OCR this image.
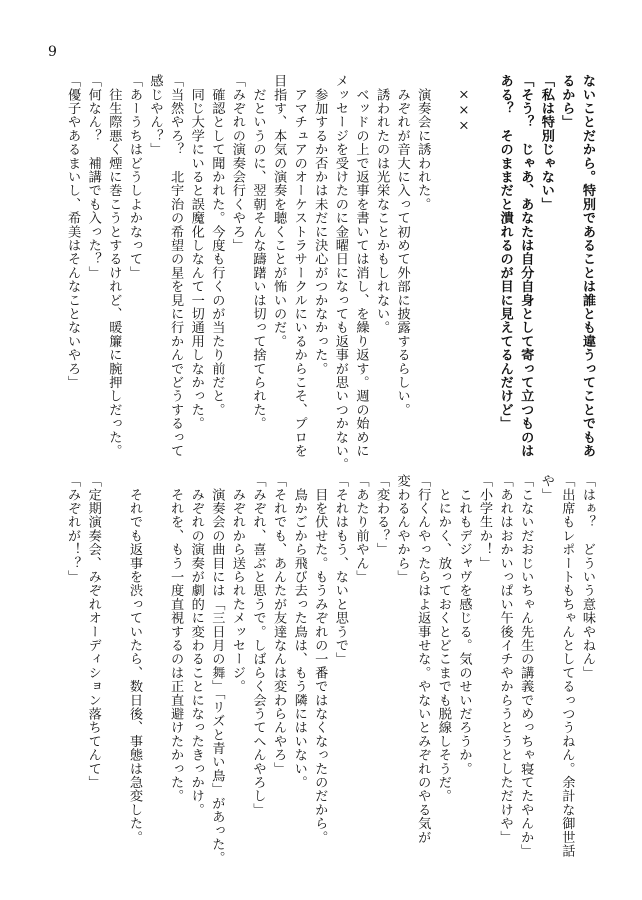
9
ないことだから。特別であることは誰とも違うってことでもあ
るから」
「私は特別じゃない」
「そう？　じゃあ、あなたは自分自身として寄って立つものは
ある？　そのままだと潰れるのが目に見えてるんだけど」

　×××

　演奏会に誘われた。
　みぞれが音大に入って初めて外部に披露するらしい。
　誘われたのは光栄なことかもしれない。
　ベッドの上で返事を書いては消し、を繰り返す。週の始めに
メッセージを受けたのに金曜日になっても返事が思いつかない。
　参加するか否かは未だに決心がつかなかった。
　アマチュアのオーケストラサークルにいるからこそ、プロを
目指す、本気の演奏を聴くことが怖いのだ。
　だというのに、翌朝そんな躊躇いは切って捨てられた。
「みぞれの演奏会行くやろ」
　確認として聞かれた。今度も行くのが当たり前だと。
　同じ大学にいると誤魔化しなんて一切通用しなかった。
「当然やろ？　北宇治の希望の星を見に行かんでどうするって
感じやん？」
「あーうちはどうしよかなって」
　往生際悪く煙に巻こうとするけれど、暖簾に腕押しだった。
「何なん？　補講でも入った？」
「優子やあるまいし、希美はそんなことないやろ」
「はぁ？　どういう意味やねん」
「出席もレポートもちゃんとしてるっつうねん。余計な御世話
や」
「こないだおじいちゃん先生の講義でめっちゃ寝てたやんか」
「あれはおかいっぱい午後イチやからうとうとしただけや」
「小学生か！」
　これもデジャヴを感じる。気のせいだろうか。
　とにかく、放っておくとどこまでも脱線しそうだ。
「行くんやったらはよ返事せな。やないとみぞれのやる気が
変わるんやから」
「変わる？」
「あたり前やん」
「それはもう、ないと思うで」
　目を伏せた。もうみぞれの一番ではなくなったのだから。
　鳥かごから飛び去った鳥は、もう隣にはいない。
「それでも、あんたが友達なんは変わらんやろ」
「みぞれ、喜ぶと思うで。しばらく会うてへんやろし」
　みぞれから送られたメッセージ。
　演奏会の曲目には「三日月の舞」「リズと青い鳥」があった。
　みぞれの演奏が劇的に変わることになったきっかけ。
　それを、もう一度直視するのは正直避けたかった。

　それでも返事を渋っていたら、数日後、事態は急変した。

「定期演奏会、みぞれオーディション落ちてんて」
「みぞれが！？」
